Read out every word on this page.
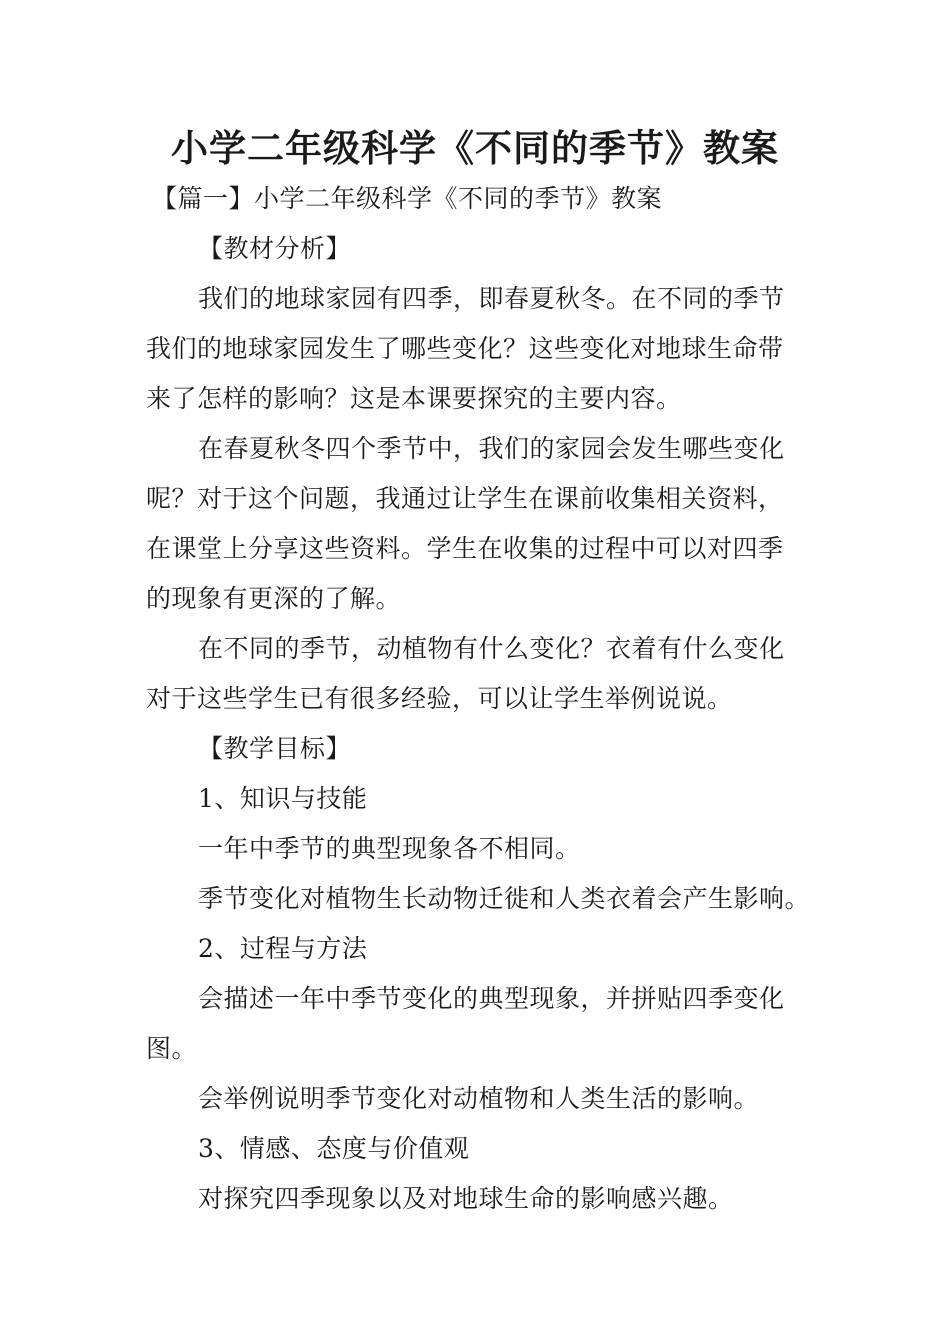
小学二年级科学《不同的季节》教案

【篇一】小学二年级科学《不同的季节》教案

【教材分析】

我们的地球家园有四季，即春夏秋冬。在不同的季节

我们的地球家园发生了哪些变化？这些变化对地球生命带

来了怎样的影响？这是本课要探究的主要内容。

在春夏秋冬四个季节中，我们的家园会发生哪些变化

呢？对于这个问题，我通过让学生在课前收集相关资料，

在课堂上分享这些资料。学生在收集的过程中可以对四季

的现象有更深的了解。

在不同的季节，动植物有什么变化？衣着有什么变化

对于这些学生已有很多经验，可以让学生举例说说。

【教学目标】

1、知识与技能

一年中季节的典型现象各不相同。

季节变化对植物生长动物迁徙和人类衣着会产生影响。

2、过程与方法

会描述一年中季节变化的典型现象，并拼贴四季变化

图。

会举例说明季节变化对动植物和人类生活的影响。

3、情感、态度与价值观

对探究四季现象以及对地球生命的影响感兴趣。
